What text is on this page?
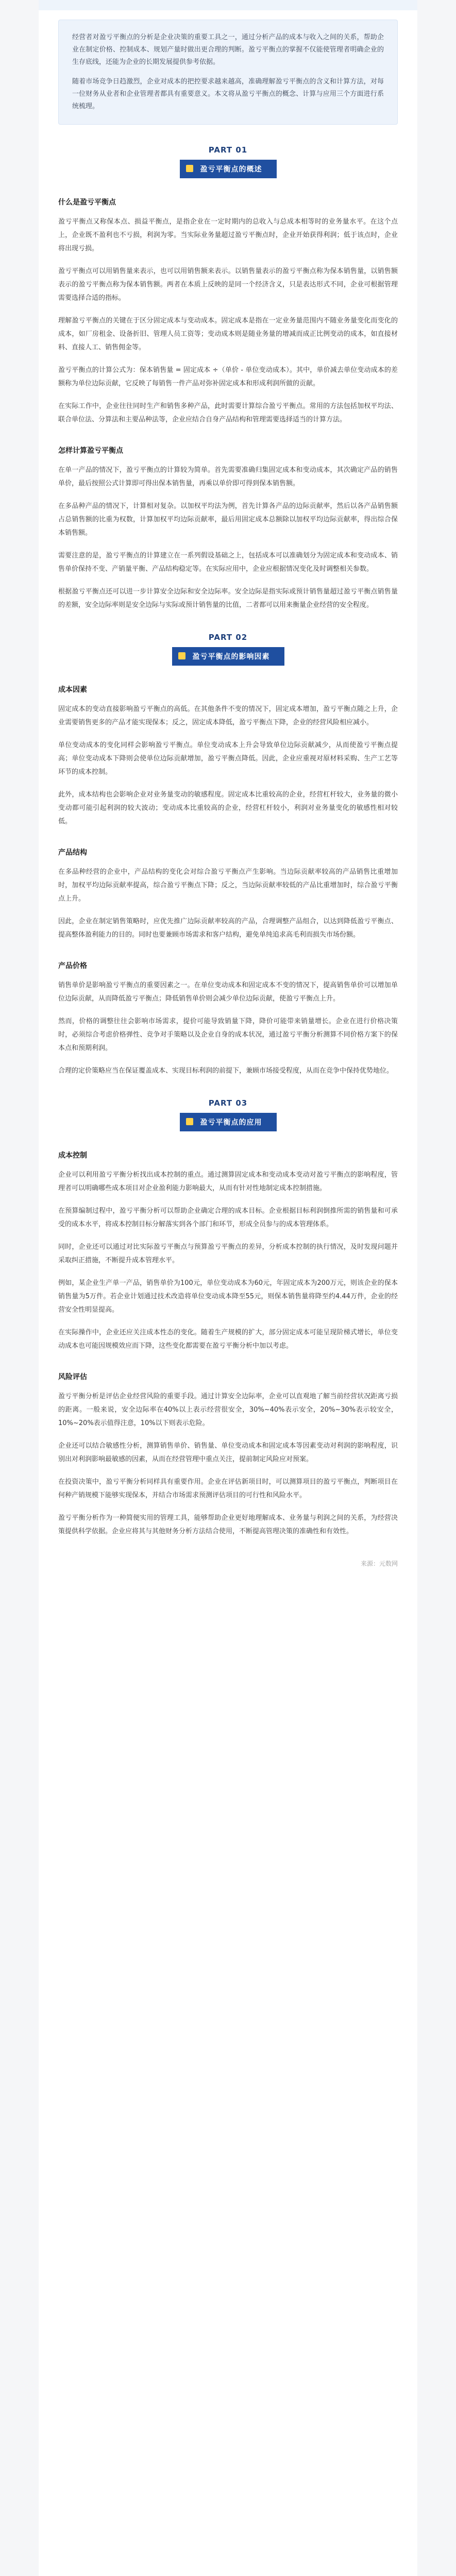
经营者对盈亏平衡点的分析是企业决策的重要工具之一，通过分析产品的成本与收入之间的关系，帮助企业在制定价格、控制成本、规划产量时做出更合理的判断。盈亏平衡点的掌握不仅能使管理者明确企业的生存底线，还能为企业的长期发展提供参考依据。

随着市场竞争日趋激烈，企业对成本的把控要求越来越高，准确理解盈亏平衡点的含义和计算方法，对每一位财务从业者和企业管理者都具有重要意义。本文将从盈亏平衡点的概念、计算与应用三个方面进行系统梳理。

PART 01
盈亏平衡点的概述
什么是盈亏平衡点

盈亏平衡点又称保本点、损益平衡点，是指企业在一定时期内的总收入与总成本相等时的业务量水平。在这个点上，企业既不盈利也不亏损，利润为零。当实际业务量超过盈亏平衡点时，企业开始获得利润；低于该点时，企业将出现亏损。

盈亏平衡点可以用销售量来表示，也可以用销售额来表示。以销售量表示的盈亏平衡点称为保本销售量，以销售额表示的盈亏平衡点称为保本销售额。两者在本质上反映的是同一个经济含义，只是表达形式不同，企业可根据管理需要选择合适的指标。

理解盈亏平衡点的关键在于区分固定成本与变动成本。固定成本是指在一定业务量范围内不随业务量变化而变化的成本，如厂房租金、设备折旧、管理人员工资等；变动成本则是随业务量的增减而成正比例变动的成本，如直接材料、直接人工、销售佣金等。

盈亏平衡点的计算公式为：保本销售量 = 固定成本 ÷（单价 - 单位变动成本）。其中，单价减去单位变动成本的差额称为单位边际贡献，它反映了每销售一件产品对弥补固定成本和形成利润所做的贡献。

在实际工作中，企业往往同时生产和销售多种产品，此时需要计算综合盈亏平衡点。常用的方法包括加权平均法、联合单位法、分算法和主要品种法等，企业应结合自身产品结构和管理需要选择适当的计算方法。

怎样计算盈亏平衡点

在单一产品的情况下，盈亏平衡点的计算较为简单。首先需要准确归集固定成本和变动成本，其次确定产品的销售单价，最后按照公式计算即可得出保本销售量，再乘以单价即可得到保本销售额。

在多品种产品的情况下，计算相对复杂。以加权平均法为例，首先计算各产品的边际贡献率，然后以各产品销售额占总销售额的比重为权数，计算加权平均边际贡献率，最后用固定成本总额除以加权平均边际贡献率，得出综合保本销售额。

需要注意的是，盈亏平衡点的计算建立在一系列假设基础之上，包括成本可以准确划分为固定成本和变动成本、销售单价保持不变、产销量平衡、产品结构稳定等。在实际应用中，企业应根据情况变化及时调整相关参数。

根据盈亏平衡点还可以进一步计算安全边际和安全边际率。安全边际是指实际或预计销售量超过盈亏平衡点销售量的差额，安全边际率则是安全边际与实际或预计销售量的比值，二者都可以用来衡量企业经营的安全程度。

PART 02
盈亏平衡点的影响因素
成本因素

固定成本的变动直接影响盈亏平衡点的高低。在其他条件不变的情况下，固定成本增加，盈亏平衡点随之上升，企业需要销售更多的产品才能实现保本；反之，固定成本降低，盈亏平衡点下降，企业的经营风险相应减小。

单位变动成本的变化同样会影响盈亏平衡点。单位变动成本上升会导致单位边际贡献减少，从而使盈亏平衡点提高；单位变动成本下降则会使单位边际贡献增加，盈亏平衡点降低。因此，企业应重视对原材料采购、生产工艺等环节的成本控制。

此外，成本结构也会影响企业对业务量变动的敏感程度。固定成本比重较高的企业，经营杠杆较大，业务量的微小变动都可能引起利润的较大波动；变动成本比重较高的企业，经营杠杆较小，利润对业务量变化的敏感性相对较低。

产品结构

在多品种经营的企业中，产品结构的变化会对综合盈亏平衡点产生影响。当边际贡献率较高的产品销售比重增加时，加权平均边际贡献率提高，综合盈亏平衡点下降；反之，当边际贡献率较低的产品比重增加时，综合盈亏平衡点上升。

因此，企业在制定销售策略时，应优先推广边际贡献率较高的产品，合理调整产品组合，以达到降低盈亏平衡点、提高整体盈利能力的目的。同时也要兼顾市场需求和客户结构，避免单纯追求高毛利而损失市场份额。

产品价格

销售单价是影响盈亏平衡点的重要因素之一。在单位变动成本和固定成本不变的情况下，提高销售单价可以增加单位边际贡献，从而降低盈亏平衡点；降低销售单价则会减少单位边际贡献，使盈亏平衡点上升。

然而，价格的调整往往会影响市场需求，提价可能导致销量下降，降价可能带来销量增长。企业在进行价格决策时，必须综合考虑价格弹性、竞争对手策略以及企业自身的成本状况，通过盈亏平衡分析测算不同价格方案下的保本点和预期利润。

合理的定价策略应当在保证覆盖成本、实现目标利润的前提下，兼顾市场接受程度，从而在竞争中保持优势地位。

PART 03
盈亏平衡点的应用
成本控制

企业可以利用盈亏平衡分析找出成本控制的重点。通过测算固定成本和变动成本变动对盈亏平衡点的影响程度，管理者可以明确哪些成本项目对企业盈利能力影响最大，从而有针对性地制定成本控制措施。

在预算编制过程中，盈亏平衡分析可以帮助企业确定合理的成本目标。企业根据目标利润倒推所需的销售量和可承受的成本水平，将成本控制目标分解落实到各个部门和环节，形成全员参与的成本管理体系。

同时，企业还可以通过对比实际盈亏平衡点与预算盈亏平衡点的差异，分析成本控制的执行情况，及时发现问题并采取纠正措施，不断提升成本管理水平。

例如，某企业生产单一产品，销售单价为100元，单位变动成本为60元，年固定成本为200万元，则该企业的保本销售量为5万件。若企业计划通过技术改造将单位变动成本降至55元，则保本销售量将降至约4.44万件，企业的经营安全性明显提高。

在实际操作中，企业还应关注成本性态的变化。随着生产规模的扩大，部分固定成本可能呈现阶梯式增长，单位变动成本也可能因规模效应而下降，这些变化都需要在盈亏平衡分析中加以考虑。

风险评估

盈亏平衡分析是评估企业经营风险的重要手段。通过计算安全边际率，企业可以直观地了解当前经营状况距离亏损的距离。一般来说，安全边际率在40%以上表示经营很安全，30%~40%表示安全，20%~30%表示较安全，10%~20%表示值得注意，10%以下则表示危险。

企业还可以结合敏感性分析，测算销售单价、销售量、单位变动成本和固定成本等因素变动对利润的影响程度，识别出对利润影响最敏感的因素，从而在经营管理中重点关注，提前制定风险应对预案。

在投资决策中，盈亏平衡分析同样具有重要作用。企业在评估新项目时，可以测算项目的盈亏平衡点，判断项目在何种产销规模下能够实现保本，并结合市场需求预测评估项目的可行性和风险水平。

盈亏平衡分析作为一种简便实用的管理工具，能够帮助企业更好地理解成本、业务量与利润之间的关系，为经营决策提供科学依据。企业应将其与其他财务分析方法结合使用，不断提高管理决策的准确性和有效性。

来源：元数网
